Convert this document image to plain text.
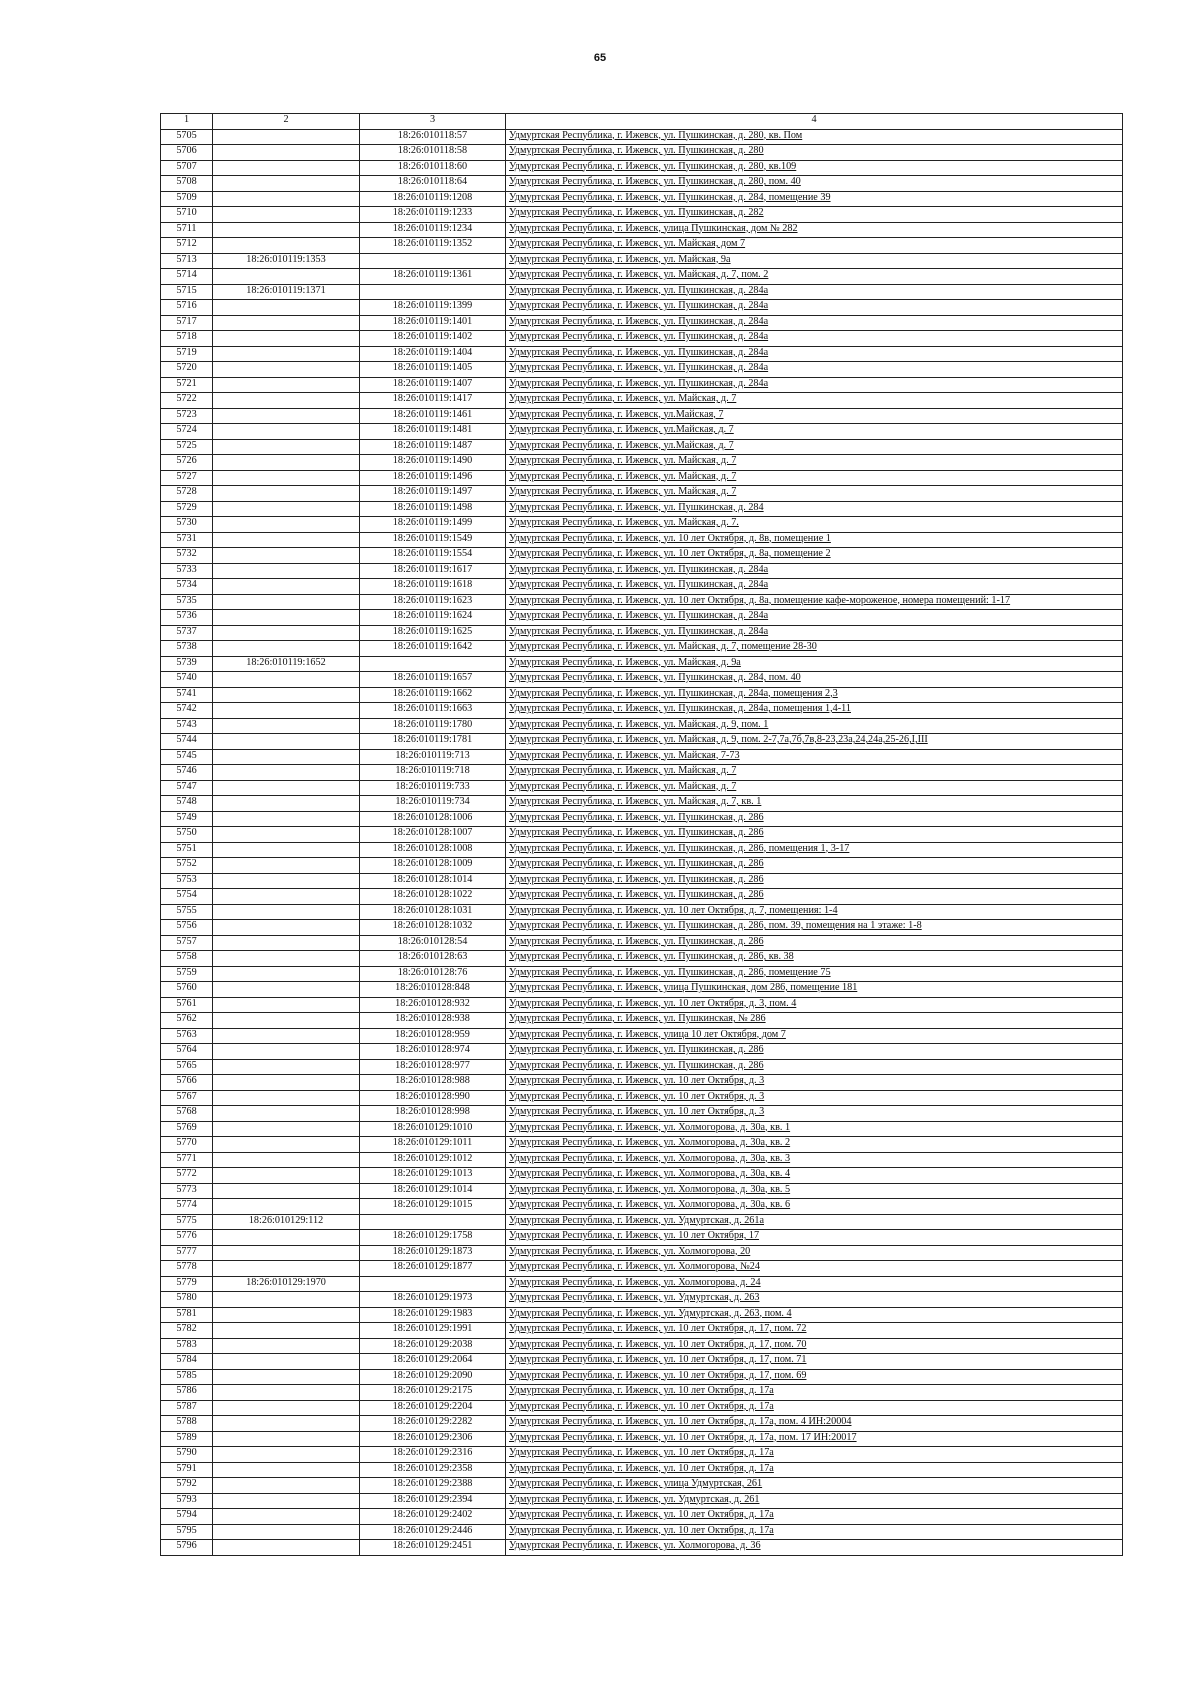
65
1	2	3	4
5705		18:26:010118:57	Удмуртская Республика, г. Ижевск, ул. Пушкинская, д. 280, кв. Пом
5706		18:26:010118:58	Удмуртская Республика, г. Ижевск, ул. Пушкинская, д. 280
5707		18:26:010118:60	Удмуртская Республика, г. Ижевск, ул. Пушкинская, д. 280, кв.109
5708		18:26:010118:64	Удмуртская Республика, г. Ижевск, ул. Пушкинская, д. 280, пом. 40
5709		18:26:010119:1208	Удмуртская Республика, г. Ижевск, ул. Пушкинская, д. 284, помещение 39
5710		18:26:010119:1233	Удмуртская Республика, г. Ижевск, ул. Пушкинская, д. 282
5711		18:26:010119:1234	Удмуртская Республика, г. Ижевск, улица Пушкинская, дом № 282
5712		18:26:010119:1352	Удмуртская Республика, г. Ижевск, ул. Майская, дом 7
5713	18:26:010119:1353		Удмуртская Республика, г. Ижевск, ул. Майская, 9а
5714		18:26:010119:1361	Удмуртская Республика, г. Ижевск, ул. Майская, д. 7, пом. 2
5715	18:26:010119:1371		Удмуртская Республика, г. Ижевск, ул. Пушкинская, д. 284а
5716		18:26:010119:1399	Удмуртская Республика, г. Ижевск, ул. Пушкинская, д. 284а
5717		18:26:010119:1401	Удмуртская Республика, г. Ижевск, ул. Пушкинская, д. 284а
5718		18:26:010119:1402	Удмуртская Республика, г. Ижевск, ул. Пушкинская, д. 284а
5719		18:26:010119:1404	Удмуртская Республика, г. Ижевск, ул. Пушкинская, д. 284а
5720		18:26:010119:1405	Удмуртская Республика, г. Ижевск, ул. Пушкинская, д. 284а
5721		18:26:010119:1407	Удмуртская Республика, г. Ижевск, ул. Пушкинская, д. 284а
5722		18:26:010119:1417	Удмуртская Республика, г. Ижевск, ул. Майская, д. 7
5723		18:26:010119:1461	Удмуртская Республика, г. Ижевск, ул.Майская, 7
5724		18:26:010119:1481	Удмуртская Республика, г. Ижевск, ул.Майская, д. 7
5725		18:26:010119:1487	Удмуртская Республика, г. Ижевск, ул.Майская, д. 7
5726		18:26:010119:1490	Удмуртская Республика, г. Ижевск, ул. Майская, д. 7
5727		18:26:010119:1496	Удмуртская Республика, г. Ижевск, ул. Майская, д. 7
5728		18:26:010119:1497	Удмуртская Республика, г. Ижевск, ул. Майская, д. 7
5729		18:26:010119:1498	Удмуртская Республика, г. Ижевск, ул. Пушкинская, д. 284
5730		18:26:010119:1499	Удмуртская Республика, г. Ижевск, ул. Майская, д. 7.
5731		18:26:010119:1549	Удмуртская Республика, г. Ижевск, ул. 10 лет Октября, д. 8в, помещение 1
5732		18:26:010119:1554	Удмуртская Республика, г. Ижевск, ул. 10 лет Октября, д. 8а, помещение 2
5733		18:26:010119:1617	Удмуртская Республика, г. Ижевск, ул. Пушкинская, д. 284а
5734		18:26:010119:1618	Удмуртская Республика, г. Ижевск, ул. Пушкинская, д. 284а
5735		18:26:010119:1623	Удмуртская Республика, г. Ижевск, ул. 10 лет Октября, д. 8а, помещение кафе-мороженое, номера помещений: 1-17
5736		18:26:010119:1624	Удмуртская Республика, г. Ижевск, ул. Пушкинская, д. 284а
5737		18:26:010119:1625	Удмуртская Республика, г. Ижевск, ул. Пушкинская, д. 284а
5738		18:26:010119:1642	Удмуртская Республика, г. Ижевск, ул. Майская, д. 7, помещение 28-30
5739	18:26:010119:1652		Удмуртская Республика, г. Ижевск, ул. Майская, д. 9а
5740		18:26:010119:1657	Удмуртская Республика, г. Ижевск, ул. Пушкинская, д. 284, пом. 40
5741		18:26:010119:1662	Удмуртская Республика, г. Ижевск, ул. Пушкинская, д. 284а, помещения 2,3
5742		18:26:010119:1663	Удмуртская Республика, г. Ижевск, ул. Пушкинская, д. 284а, помещения 1,4-11
5743		18:26:010119:1780	Удмуртская Республика, г. Ижевск, ул. Майская, д. 9, пом. 1
5744		18:26:010119:1781	Удмуртская Республика, г. Ижевск, ул. Майская, д. 9, пом. 2-7,7а,7б,7в,8-23,23а,24,24а,25-26,I,III
5745		18:26:010119:713	Удмуртская Республика, г. Ижевск, ул. Майская, 7-73
5746		18:26:010119:718	Удмуртская Республика, г. Ижевск, ул. Майская, д. 7
5747		18:26:010119:733	Удмуртская Республика, г. Ижевск, ул. Майская, д. 7
5748		18:26:010119:734	Удмуртская Республика, г. Ижевск, ул. Майская, д. 7, кв. 1
5749		18:26:010128:1006	Удмуртская Республика, г. Ижевск, ул. Пушкинская, д. 286
5750		18:26:010128:1007	Удмуртская Республика, г. Ижевск, ул. Пушкинская, д. 286
5751		18:26:010128:1008	Удмуртская Республика, г. Ижевск, ул. Пушкинская, д. 286, помещения 1, 3-17
5752		18:26:010128:1009	Удмуртская Республика, г. Ижевск, ул. Пушкинская, д. 286
5753		18:26:010128:1014	Удмуртская Республика, г. Ижевск, ул. Пушкинская, д. 286
5754		18:26:010128:1022	Удмуртская Республика, г. Ижевск, ул. Пушкинская, д. 286
5755		18:26:010128:1031	Удмуртская Республика, г. Ижевск, ул. 10 лет Октября, д. 7, помещения: 1-4
5756		18:26:010128:1032	Удмуртская Республика, г. Ижевск, ул. Пушкинская, д. 286, пом. 39, помещения на 1 этаже: 1-8
5757		18:26:010128:54	Удмуртская Республика, г. Ижевск, ул. Пушкинская, д. 286
5758		18:26:010128:63	Удмуртская Республика, г. Ижевск, ул. Пушкинская, д. 286, кв. 38
5759		18:26:010128:76	Удмуртская Республика, г. Ижевск, ул. Пушкинская, д. 286, помещение 75
5760		18:26:010128:848	Удмуртская Республика, г. Ижевск, улица Пушкинская, дом 286, помещение 181
5761		18:26:010128:932	Удмуртская Республика, г. Ижевск, ул. 10 лет Октября, д. 3, пом. 4
5762		18:26:010128:938	Удмуртская Республика, г. Ижевск, ул. Пушкинская, № 286
5763		18:26:010128:959	Удмуртская Республика, г. Ижевск, улица 10 лет Октября, дом 7
5764		18:26:010128:974	Удмуртская Республика, г. Ижевск, ул. Пушкинская, д. 286
5765		18:26:010128:977	Удмуртская Республика, г. Ижевск, ул. Пушкинская, д. 286
5766		18:26:010128:988	Удмуртская Республика, г. Ижевск, ул. 10 лет Октября, д. 3
5767		18:26:010128:990	Удмуртская Республика, г. Ижевск, ул. 10 лет Октября, д. 3
5768		18:26:010128:998	Удмуртская Республика, г. Ижевск, ул. 10 лет Октября, д. 3
5769		18:26:010129:1010	Удмуртская Республика, г. Ижевск, ул. Холмогорова, д. 30а, кв. 1
5770		18:26:010129:1011	Удмуртская Республика, г. Ижевск, ул. Холмогорова, д. 30а, кв. 2
5771		18:26:010129:1012	Удмуртская Республика, г. Ижевск, ул. Холмогорова, д. 30а, кв. 3
5772		18:26:010129:1013	Удмуртская Республика, г. Ижевск, ул. Холмогорова, д. 30а, кв. 4
5773		18:26:010129:1014	Удмуртская Республика, г. Ижевск, ул. Холмогорова, д. 30а, кв. 5
5774		18:26:010129:1015	Удмуртская Республика, г. Ижевск, ул. Холмогорова, д. 30а, кв. 6
5775	18:26:010129:112		Удмуртская Республика, г. Ижевск, ул. Удмуртская, д. 261а
5776		18:26:010129:1758	Удмуртская Республика, г. Ижевск, ул. 10 лет Октября, 17
5777		18:26:010129:1873	Удмуртская Республика, г. Ижевск, ул. Холмогорова, 20
5778		18:26:010129:1877	Удмуртская Республика, г. Ижевск, ул. Холмогорова, №24
5779	18:26:010129:1970		Удмуртская Республика, г. Ижевск, ул. Холмогорова, д. 24
5780		18:26:010129:1973	Удмуртская Республика, г. Ижевск, ул. Удмуртская, д. 263
5781		18:26:010129:1983	Удмуртская Республика, г. Ижевск, ул. Удмуртская, д. 263, пом. 4
5782		18:26:010129:1991	Удмуртская Республика, г. Ижевск, ул. 10 лет Октября, д. 17, пом. 72
5783		18:26:010129:2038	Удмуртская Республика, г. Ижевск, ул. 10 лет Октября, д. 17, пом. 70
5784		18:26:010129:2064	Удмуртская Республика, г. Ижевск, ул. 10 лет Октября, д. 17, пом. 71
5785		18:26:010129:2090	Удмуртская Республика, г. Ижевск, ул. 10 лет Октября, д. 17, пом. 69
5786		18:26:010129:2175	Удмуртская Республика, г. Ижевск, ул. 10 лет Октября, д. 17а
5787		18:26:010129:2204	Удмуртская Республика, г. Ижевск, ул. 10 лет Октября, д. 17а
5788		18:26:010129:2282	Удмуртская Республика, г. Ижевск, ул. 10 лет Октября, д. 17а, пом. 4 ИН:20004
5789		18:26:010129:2306	Удмуртская Республика, г. Ижевск, ул. 10 лет Октября, д. 17а, пом. 17 ИН:20017
5790		18:26:010129:2316	Удмуртская Республика, г. Ижевск, ул. 10 лет Октября, д. 17а
5791		18:26:010129:2358	Удмуртская Республика, г. Ижевск, ул. 10 лет Октября, д. 17а
5792		18:26:010129:2388	Удмуртская Республика, г. Ижевск, улица Удмуртская, 261
5793		18:26:010129:2394	Удмуртская Республика, г. Ижевск, ул. Удмуртская, д. 261
5794		18:26:010129:2402	Удмуртская Республика, г. Ижевск, ул. 10 лет Октября, д. 17а
5795		18:26:010129:2446	Удмуртская Республика, г. Ижевск, ул. 10 лет Октября, д. 17а
5796		18:26:010129:2451	Удмуртская Республика, г. Ижевск, ул. Холмогорова, д. 36
